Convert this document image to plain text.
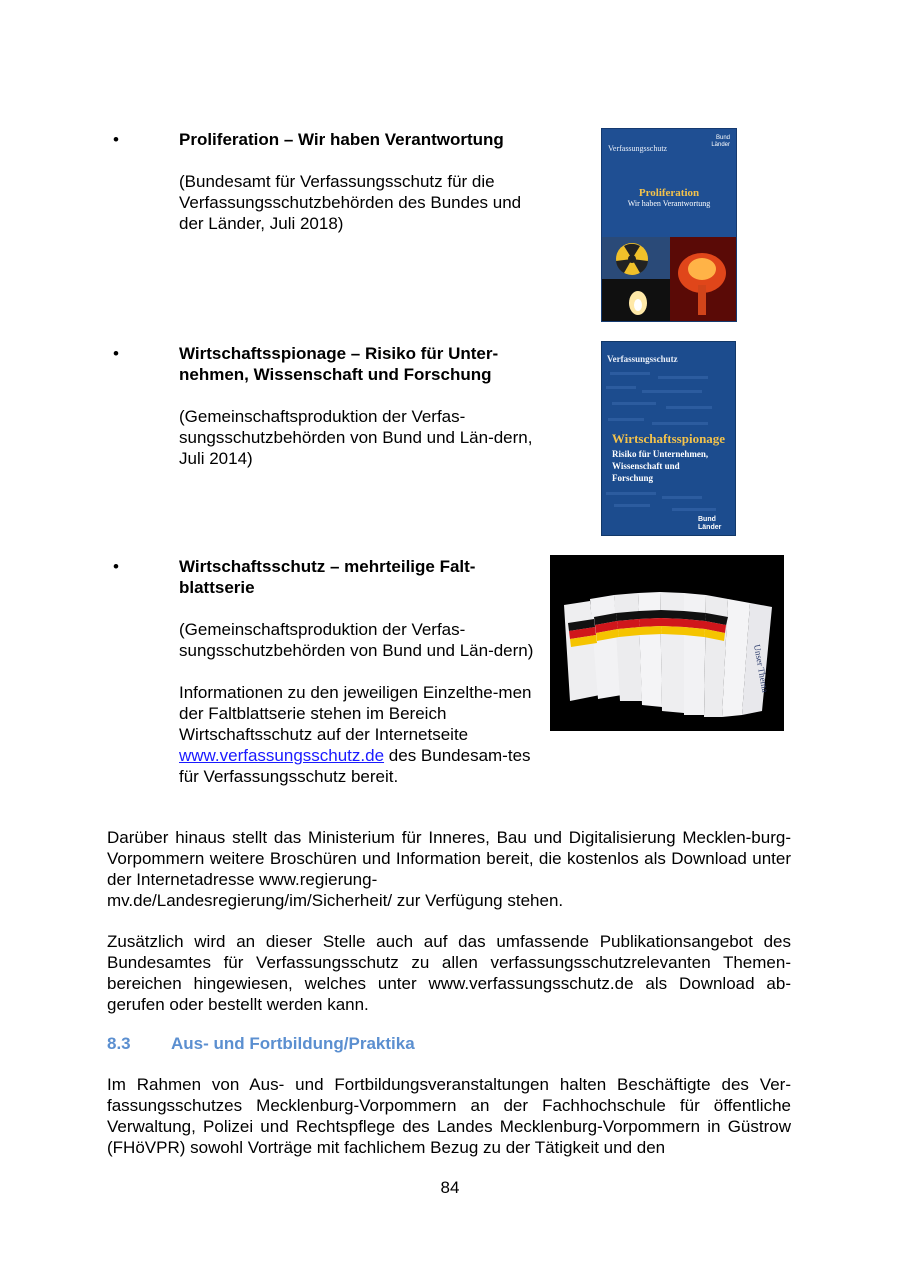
•	Proliferation – Wir haben Verantwortung

(Bundesamt für Verfassungsschutz für die Verfassungsschutzbehörden des Bundes und der Länder, Juli 2018)

Verfassungsschutz
Bund Länder
Proliferation
Wir haben Verantwortung
•	Wirtschaftsspionage – Risiko für Unter-nehmen, Wissenschaft und Forschung

(Gemeinschaftsproduktion der Verfas-sungsschutzbehörden von Bund und Län-dern, Juli 2014)

Verfassungsschutz
Wirtschaftsspionage
Risiko für Unternehmen, Wissenschaft und Forschung
Bund Länder
•	Wirtschaftsschutz – mehrteilige Falt-blattserie

(Gemeinschaftsproduktion der Verfas-sungsschutzbehörden von Bund und Län-dern)

Informationen zu den jeweiligen Einzelthe-men der Faltblattserie stehen im Bereich Wirtschaftsschutz auf der Internetseite www.verfassungsschutz.de des Bundesam-tes für Verfassungsschutz bereit.

Unser Thema

Darüber hinaus stellt das Ministerium für Inneres, Bau und Digitalisierung Mecklen-burg-Vorpommern weitere Broschüren und Information bereit, die kostenlos als Download unter der Internetadresse www.regierung-
mv.de/Landesregierung/im/Sicherheit/ zur Verfügung stehen.

Zusätzlich wird an dieser Stelle auch auf das umfassende Publikationsangebot des Bundesamtes für Verfassungsschutz zu allen verfassungsschutzrelevanten Themen-bereichen hingewiesen, welches unter www.verfassungsschutz.de als Download ab-gerufen oder bestellt werden kann.

8.3	Aus- und Fortbildung/Praktika

Im Rahmen von Aus- und Fortbildungsveranstaltungen halten Beschäftigte des Ver-fassungsschutzes Mecklenburg-Vorpommern an der Fachhochschule für öffentliche Verwaltung, Polizei und Rechtspflege des Landes Mecklenburg-Vorpommern in Güstrow (FHöVPR) sowohl Vorträge mit fachlichem Bezug zu der Tätigkeit und den

84
